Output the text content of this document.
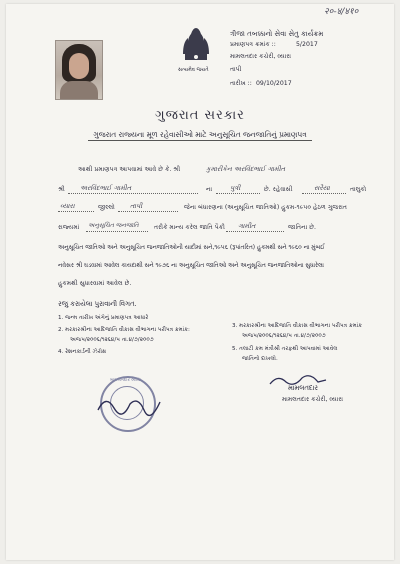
२०-४/४१०
સત્યમેવ જયતે
ત્રીજા તબક્કાનો સેવા સેતુ કાર્યક્રમ
પ્રમાણપત્ર ક્રમાંક ::	5/2017
મામલતદાર કચેરી, વ્યારા
તાપી
તારીખ :: 09/10/2017
ગુજરાત સરકાર
ગુજરાત રાજ્યના મૂળ રહેવાસીઓ માટે અનુસૂચિત જનજાતિનું પ્રમાણપત્ર
આથી પ્રમાણપત્ર આપવામાં આવે છે કે. શ્રી	કુમારીકેન અરવિંદભાઈ ગામીત
શ્રી અરવિંદભાઈ ગામીત	ના	પુત્રી	છે. રહેવાસી	સરૈયા	તાલુકો
વ્યારા	જીલ્લો તાપી	જેના બંધારણના (અનુસૂચિત જાતિઓ) હુકમ-૧૯૫૦ હેઠળ ગુજરાત
રાજ્યમાં અનુસૂચિત જનજાતિ તરીકે માન્ય કરેલ જાતિ પૈકી ગામીત	જાતિના છે.
અનુસૂચિત જાતિઓ અને અનુસૂચિત જનજાતિઓની યાદીમાં સને,૧૯૫૬ (રૂપાંતરિત) હુકમથી સને ૧૯૬૦ ના મુંબઈ
નવેસર શ્રી ઘડવામાં આવેલ કાયદાથી સને ૧૯૭૬ ના અનુસૂચિત જાતિઓ અને અનુસૂચિત જનજાતિઓના સુધારેલા
હુકમથી સુધારવામાં આવેલ છે.
રજુ કરાયેલા પુરાવાની વિગત.
1. જન્મ તારીખ અંગેનું પ્રમાણપત્ર આધારે
2. મરકારશ્રીના આદિજાતિ વીકાસ વીભાગના પરીપત્ર ક્રમાંક:
અજપ/૨૦૦૬/૧૨૬૪/૫ તા.૪/૭/૨૦૦૭
4. રેશનકાર્ડની ઝેરોક્ષ
3. મરકારશ્રીના આદિજાતિ વીકાસ વીભાગના પરીપત્ર ક્રમાંક
અજપ/૨૦૦૬/૧૨૬૪/૫ તા.૪/૭/૨૦૦૭
5. તલાટી કમ મંત્રીશ્રી તરફથી આપવામાં આવેલ
જાતિનો દાખલો.
મામલતદાર વ્યારા
મામલતદાર
મામલતદાર કચેરી, વ્યારા
